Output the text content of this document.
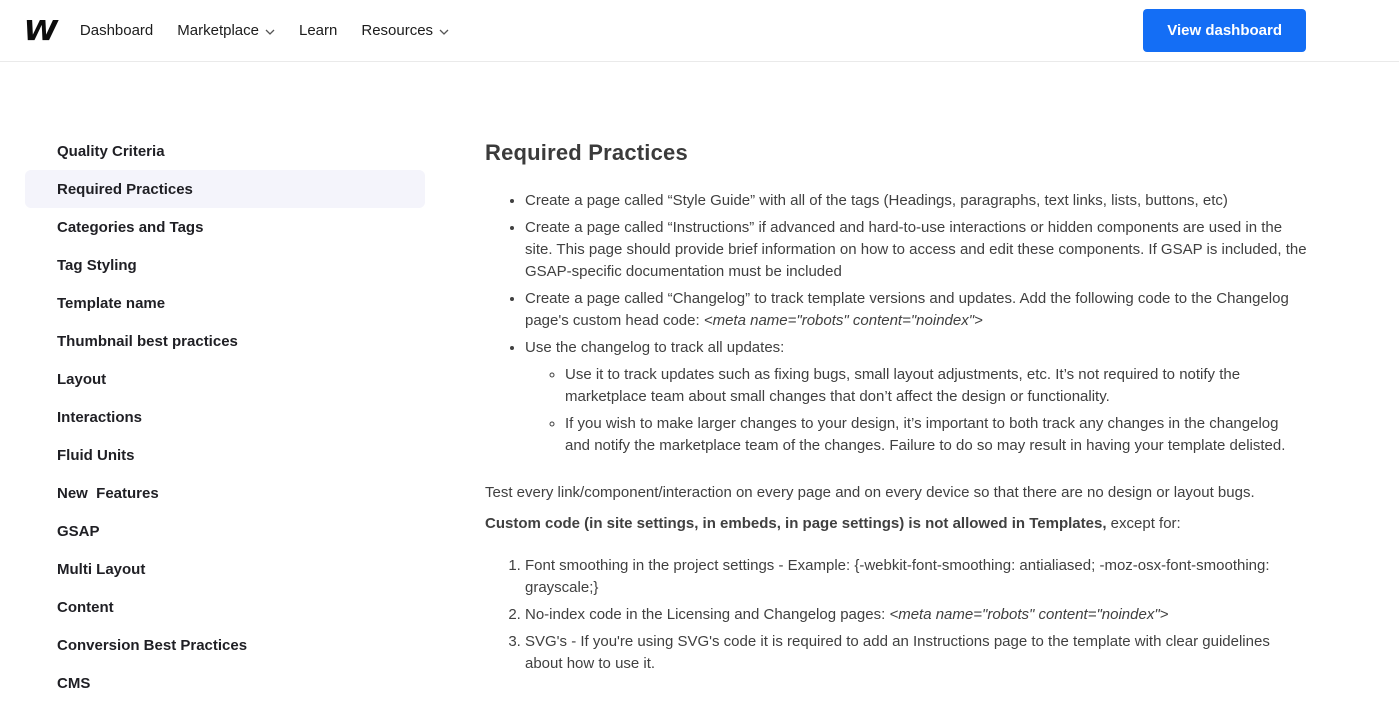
W Dashboard Marketplace	Learn Resources	View dashboard
Quality Criteria
Required Practices
Categories and Tags
Tag Styling
Template name
Thumbnail best practices
Layout
Interactions
Fluid Units
New  Features
GSAP
Multi Layout
Content
Conversion Best Practices
CMS
Required Practices
• Create a page called “Style Guide” with all of the tags (Headings, paragraphs, text links, lists, buttons, etc)
• Create a page called “Instructions” if advanced and hard-to-use interactions or hidden components are used in the site. This page should provide brief information on how to access and edit these components. If GSAP is included, the GSAP-specific documentation must be included
• Create a page called “Changelog” to track template versions and updates. Add the following code to the Changelog page's custom head code: <meta name="robots" content="noindex">
• Use the changelog to track all updates:
◦ Use it to track updates such as fixing bugs, small layout adjustments, etc. It’s not required to notify the marketplace team about small changes that don’t affect the design or functionality.
◦ If you wish to make larger changes to your design, it’s important to both track any changes in the changelog and notify the marketplace team of the changes. Failure to do so may result in having your template delisted.

Test every link/component/interaction on every page and on every device so that there are no design or layout bugs.

Custom code (in site settings, in embeds, in page settings) is not allowed in Templates, except for:

1. Font smoothing in the project settings - Example: {-webkit-font-smoothing: antialiased; -moz-osx-font-smoothing: grayscale;}
2. No-index code in the Licensing and Changelog pages: <meta name="robots" content="noindex">
3. SVG's - If you're using SVG's code it is required to add an Instructions page to the template with clear guidelines about how to use it.
